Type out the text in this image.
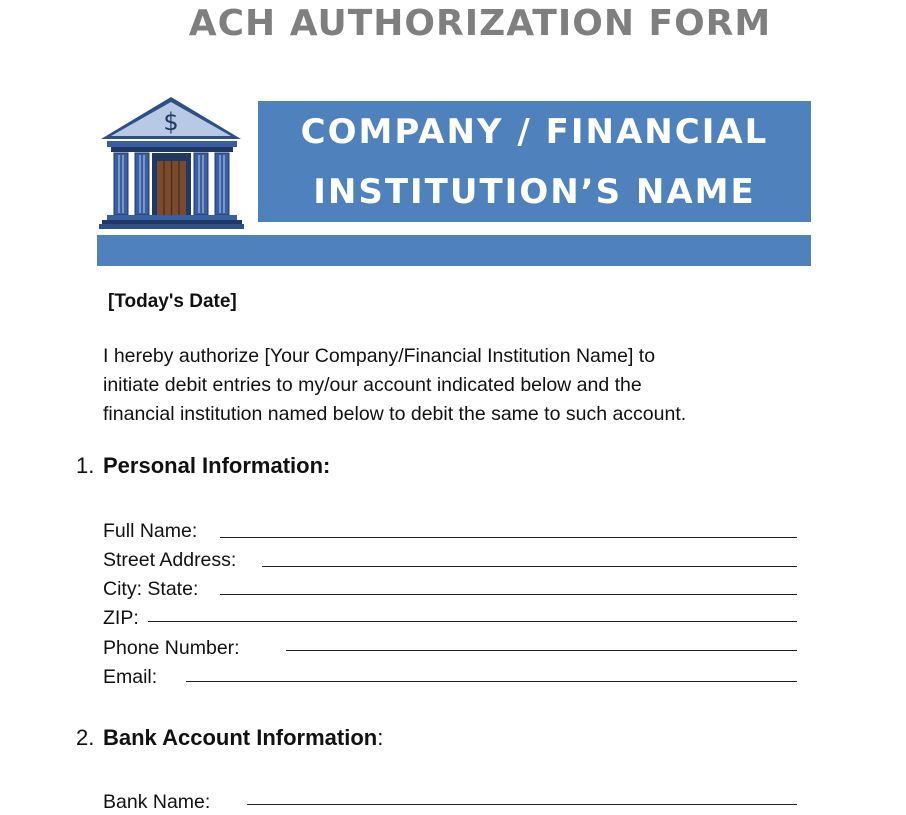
ACH AUTHORIZATION FORM
$	COMPANY / FINANCIAL
INSTITUTION’S NAME
[Today's Date]
I hereby authorize [Your Company/Financial Institution Name] to
initiate debit entries to my/our account indicated below and the
financial institution named below to debit the same to such account.
1. Personal Information:
Full Name:
Street Address:
City: State:
ZIP:
Phone Number:
Email:
2. Bank Account Information:
Bank Name:
